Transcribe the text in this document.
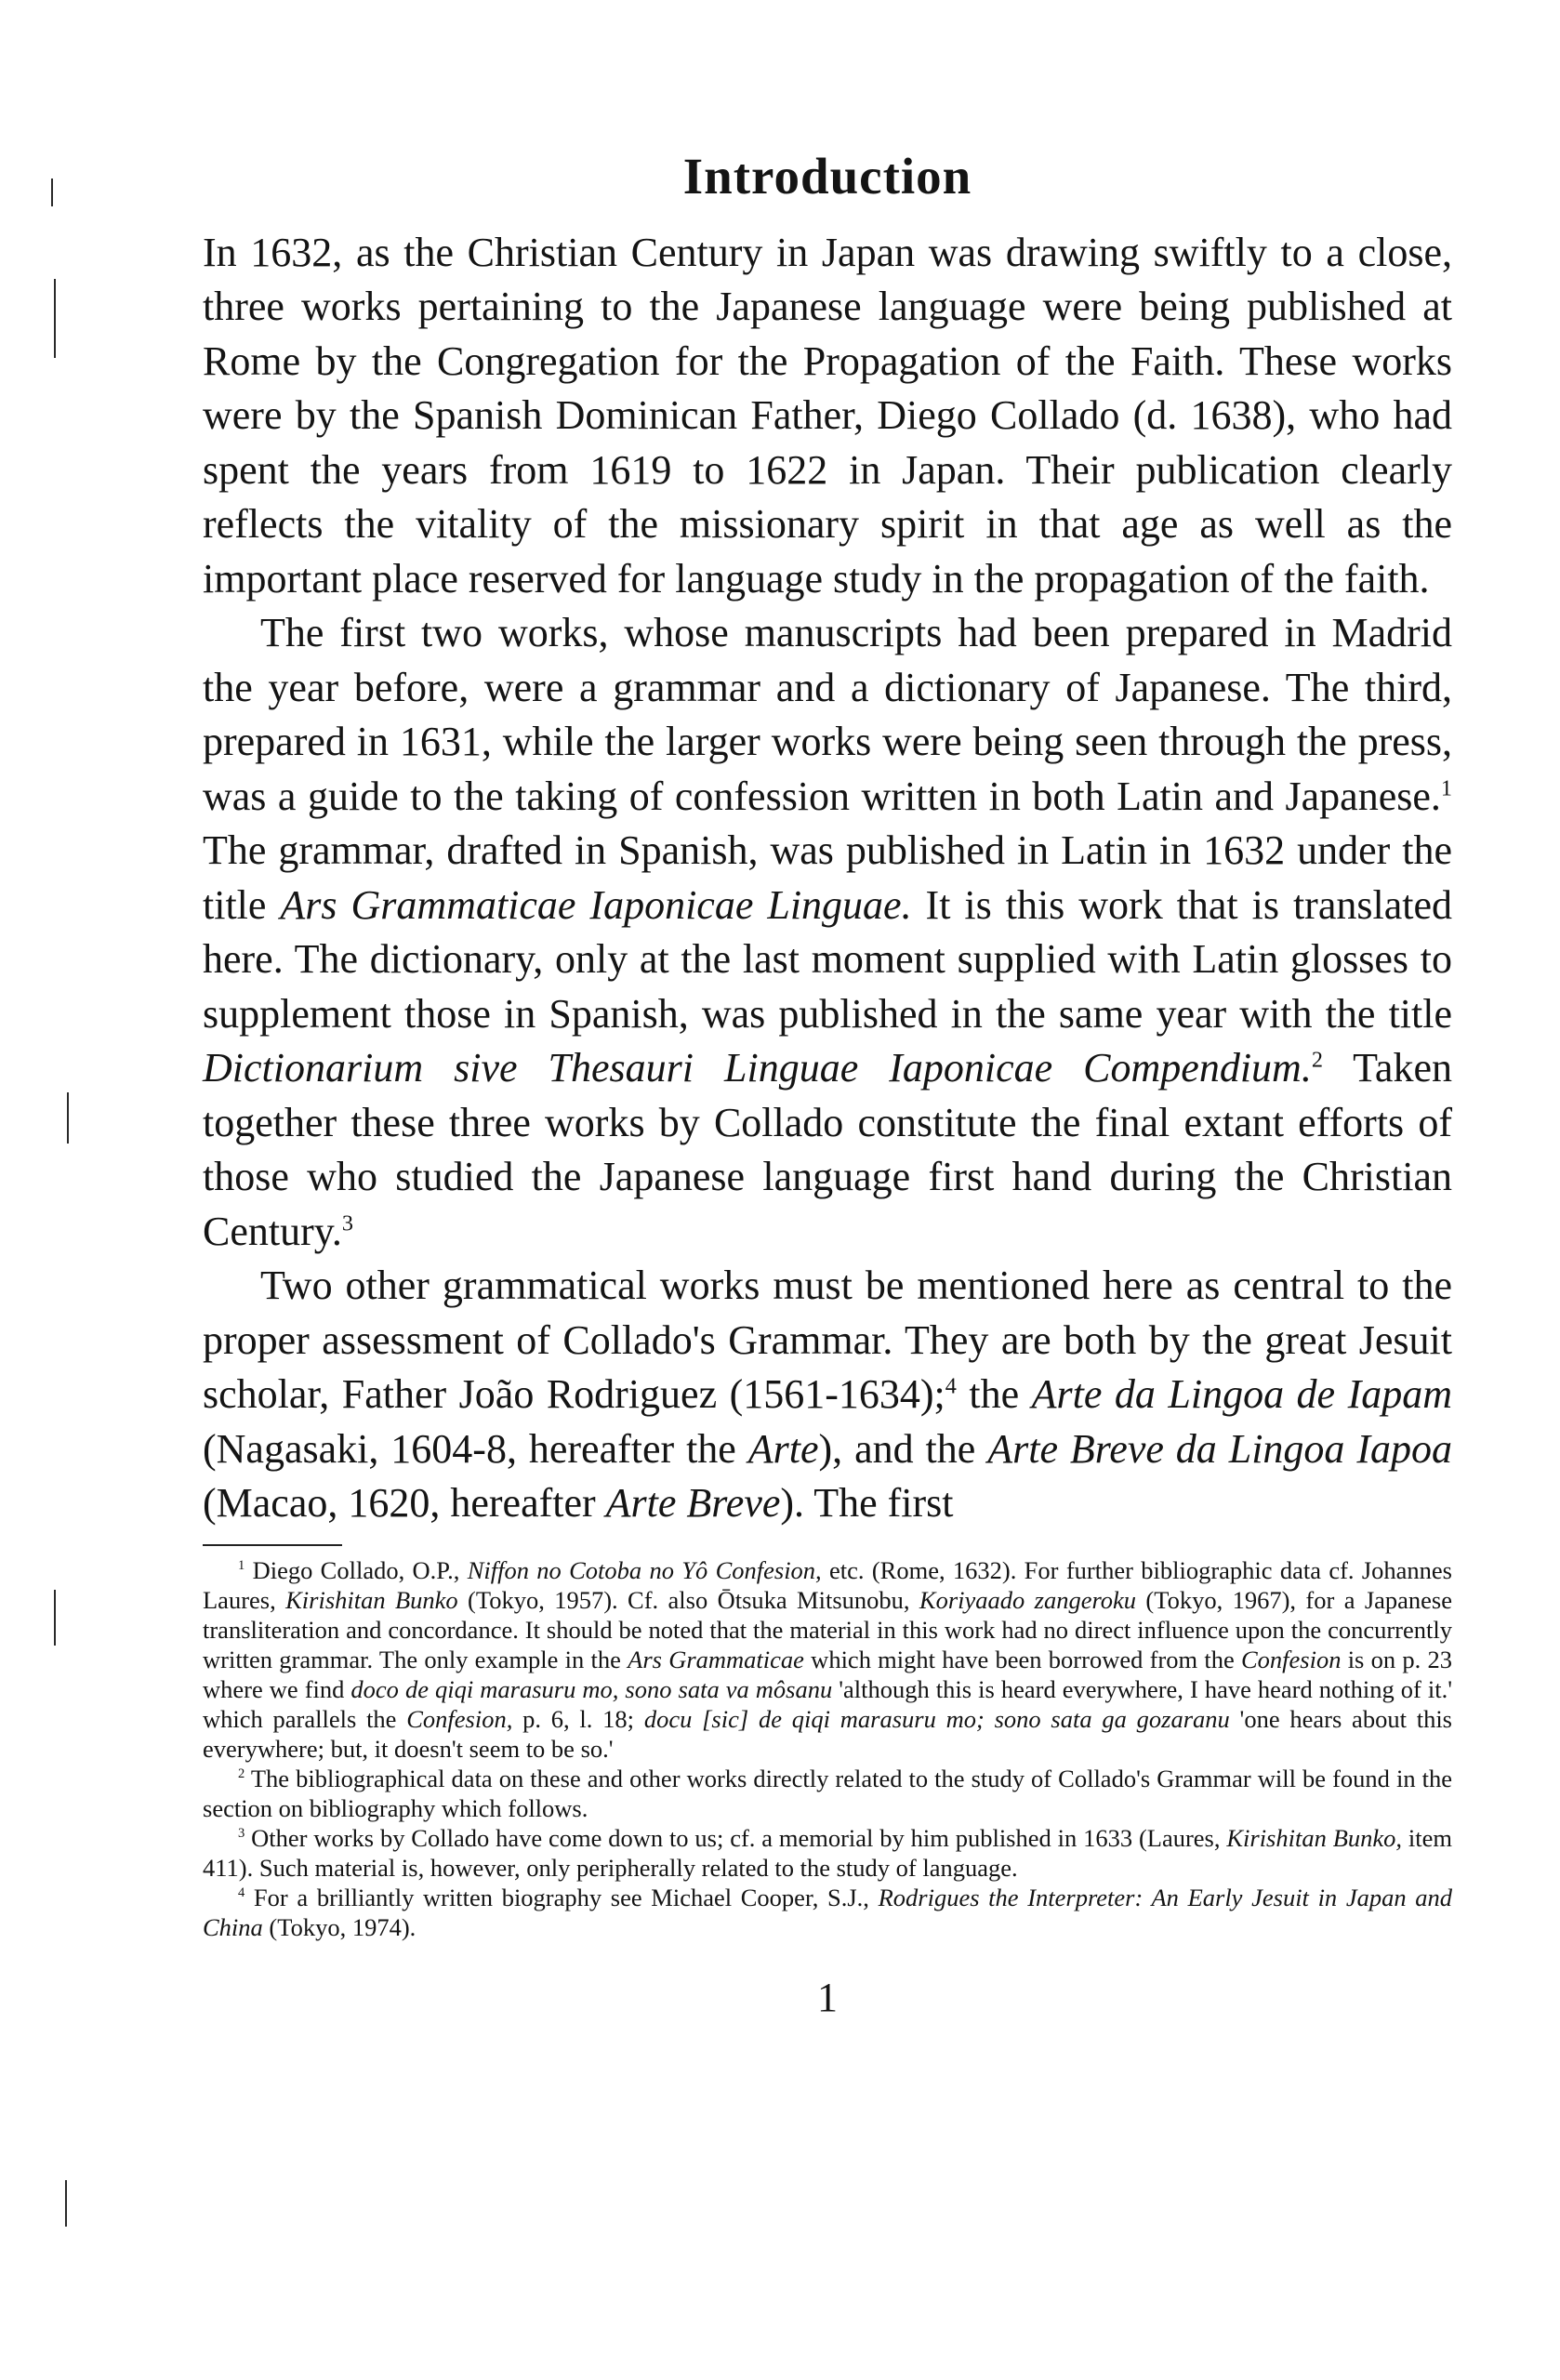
Introduction

In 1632, as the Christian Century in Japan was drawing swiftly to a close, three works pertaining to the Japanese language were being published at Rome by the Congregation for the Propagation of the Faith. These works were by the Spanish Dominican Father, Diego Collado (d. 1638), who had spent the years from 1619 to 1622 in Japan. Their publication clearly reflects the vitality of the missionary spirit in that age as well as the important place reserved for language study in the propagation of the faith.

The first two works, whose manuscripts had been prepared in Madrid the year before, were a grammar and a dictionary of Japanese. The third, prepared in 1631, while the larger works were being seen through the press, was a guide to the taking of confession written in both Latin and Japanese.$^1$ The grammar, drafted in Spanish, was published in Latin in 1632 under the title Ars Grammaticae Iaponicae Linguae. It is this work that is translated here. The dictionary, only at the last moment supplied with Latin glosses to supplement those in Spanish, was published in the same year with the title Dictionarium sive Thesauri Linguae Iaponicae Compendium.$^2$ Taken together these three works by Collado constitute the final extant efforts of those who studied the Japanese language first hand during the Christian Century.$^3$

Two other grammatical works must be mentioned here as central to the proper assessment of Collado's Grammar. They are both by the great Jesuit scholar, Father João Rodriguez (1561-1634);$^4$ the Arte da Lingoa de Iapam (Nagasaki, 1604-8, hereafter the Arte), and the Arte Breve da Lingoa Iapoa (Macao, 1620, hereafter Arte Breve). The first

$^1$ Diego Collado, O.P., Niffon no Cotoba no Yô Confesion, etc. (Rome, 1632). For further bibliographic data cf. Johannes Laures, Kirishitan Bunko (Tokyo, 1957). Cf. also Ōtsuka Mitsunobu, Koriyaado zangeroku (Tokyo, 1967), for a Japanese transliteration and concordance. It should be noted that the material in this work had no direct influence upon the concurrently written grammar. The only example in the Ars Grammaticae which might have been borrowed from the Confesion is on p. 23 where we find doco de qiqi marasuru mo, sono sata va môsanu 'although this is heard everywhere, I have heard nothing of it.' which parallels the Confesion, p. 6, l. 18; docu [sic] de qiqi marasuru mo; sono sata ga gozaranu 'one hears about this everywhere; but, it doesn't seem to be so.'

$^2$ The bibliographical data on these and other works directly related to the study of Collado's Grammar will be found in the section on bibliography which follows.

$^3$ Other works by Collado have come down to us; cf. a memorial by him published in 1633 (Laures, Kirishitan Bunko, item 411). Such material is, however, only peripherally related to the study of language.

$^4$ For a brilliantly written biography see Michael Cooper, S.J., Rodrigues the Interpreter: An Early Jesuit in Japan and China (Tokyo, 1974).

1
